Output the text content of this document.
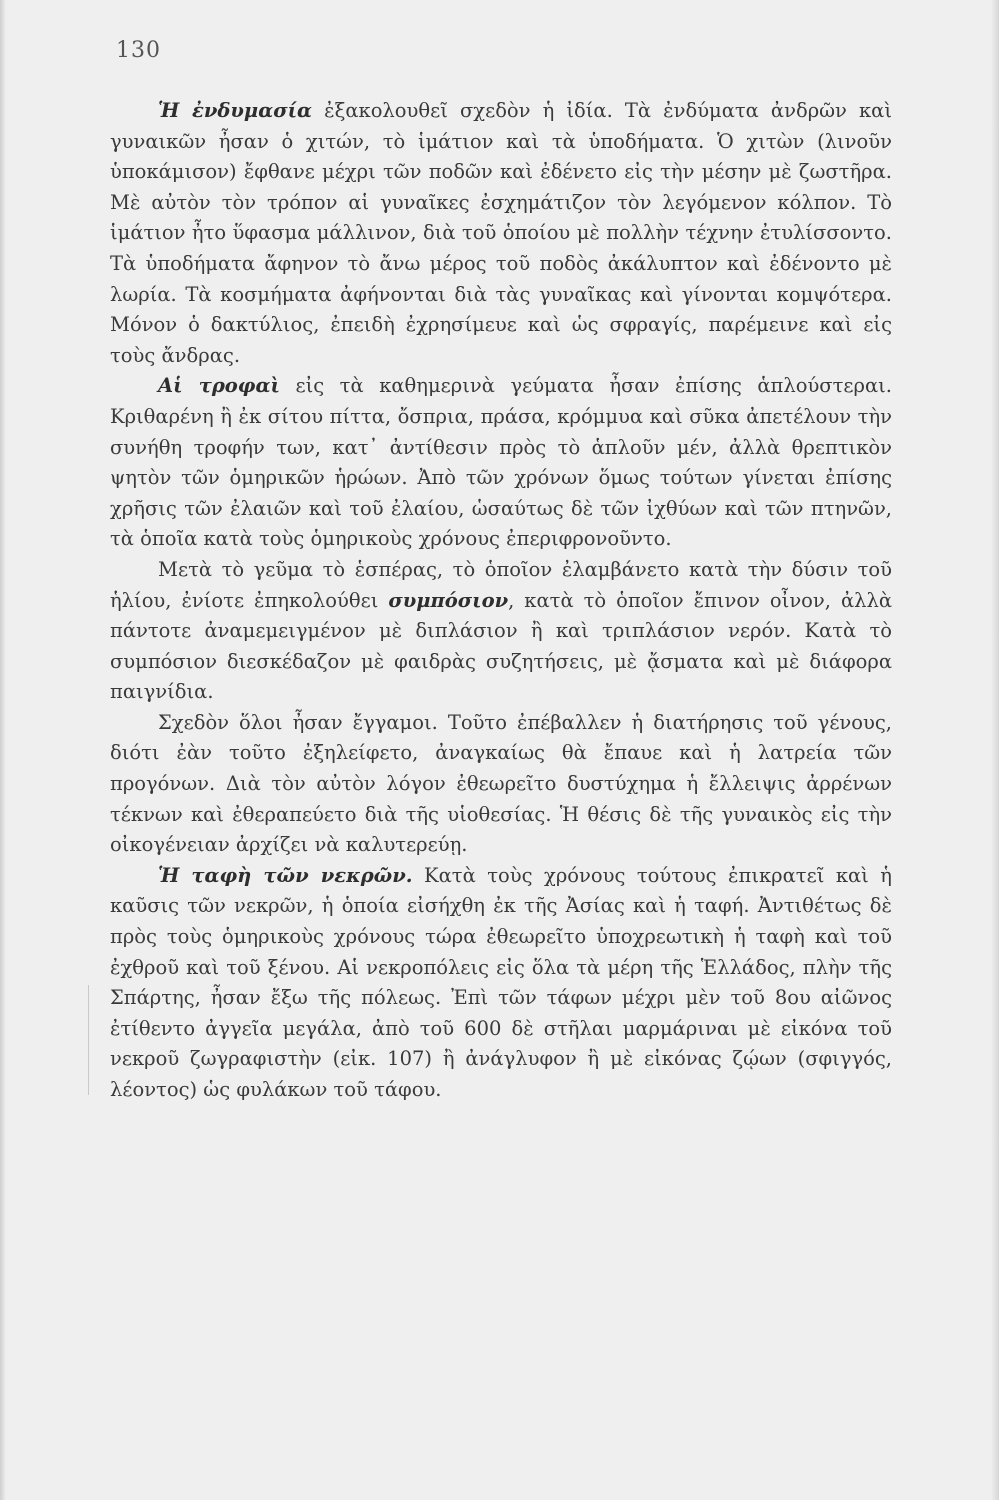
130

Ἡ ἐνδυμασία ἐξακολουθεῖ σχεδὸν ἡ ἰδία. Τὰ ἐνδύματα ἀνδρῶν καὶ γυναικῶν ἦσαν ὁ χιτών, τὸ ἱμάτιον καὶ τὰ ὑποδήματα. Ὁ χιτὼν (λινοῦν ὑποκάμισον) ἔφθανε μέχρι τῶν ποδῶν καὶ ἐδένετο εἰς τὴν μέσην μὲ ζωστῆρα. Μὲ αὐτὸν τὸν τρόπον αἱ γυναῖκες ἐσχημάτιζον τὸν λεγόμενον κόλπον. Τὸ ἱμάτιον ἦτο ὕφασμα μάλλινον, διὰ τοῦ ὁποίου μὲ πολλὴν τέχνην ἐτυλίσσοντο. Τὰ ὑποδήματα ἄφηνον τὸ ἄνω μέρος τοῦ ποδὸς ἀκάλυπτον καὶ ἐδένοντο μὲ λωρία. Τὰ κοσμήματα ἀφήνονται διὰ τὰς γυναῖκας καὶ γίνονται κομψότερα. Μόνον ὁ δακτύλιος, ἐπειδὴ ἐχρησίμευε καὶ ὡς σφραγίς, παρέμεινε καὶ εἰς τοὺς ἄνδρας.

Αἱ τροφαὶ εἰς τὰ καθημερινὰ γεύματα ἦσαν ἐπίσης ἁπλούστεραι. Κριθαρένη ἢ ἐκ σίτου πίττα, ὄσπρια, πράσα, κρόμμυα καὶ σῦκα ἀπετέλουν τὴν συνήθη τροφήν των, κατ᾽ ἀντίθεσιν πρὸς τὸ ἁπλοῦν μέν, ἀλλὰ θρεπτικὸν ψητὸν τῶν ὁμηρικῶν ἡρώων. Ἀπὸ τῶν χρόνων ὅμως τούτων γίνεται ἐπίσης χρῆσις τῶν ἐλαιῶν καὶ τοῦ ἐλαίου, ὡσαύτως δὲ τῶν ἰχθύων καὶ τῶν πτηνῶν, τὰ ὁποῖα κατὰ τοὺς ὁμηρικοὺς χρόνους ἐπεριφρονοῦντο.

Μετὰ τὸ γεῦμα τὸ ἑσπέρας, τὸ ὁποῖον ἐλαμβάνετο κατὰ τὴν δύσιν τοῦ ἡλίου, ἐνίοτε ἐπηκολούθει συμπόσιον, κατὰ τὸ ὁποῖον ἔπινον οἶνον, ἀλλὰ πάντοτε ἀναμεμειγμένον μὲ διπλάσιον ἢ καὶ τριπλάσιον νερόν. Κατὰ τὸ συμπόσιον διεσκέδαζον μὲ φαιδρὰς συζητήσεις, μὲ ᾄσματα καὶ μὲ διάφορα παιγνίδια.

Σχεδὸν ὅλοι ἦσαν ἔγγαμοι. Τοῦτο ἐπέβαλλεν ἡ διατήρησις τοῦ γένους, διότι ἐὰν τοῦτο ἐξηλείφετο, ἀναγκαίως θὰ ἔπαυε καὶ ἡ λατρεία τῶν προγόνων. Διὰ τὸν αὐτὸν λόγον ἐθεωρεῖτο δυστύχημα ἡ ἔλλειψις ἀρρένων τέκνων καὶ ἐθεραπεύετο διὰ τῆς υἱοθεσίας. Ἡ θέσις δὲ τῆς γυναικὸς εἰς τὴν οἰκογένειαν ἀρχίζει νὰ καλυτερεύῃ.

Ἡ ταφὴ τῶν νεκρῶν. Κατὰ τοὺς χρόνους τούτους ἐπικρατεῖ καὶ ἡ καῦσις τῶν νεκρῶν, ἡ ὁποία εἰσήχθη ἐκ τῆς Ἀσίας καὶ ἡ ταφή. Ἀντιθέτως δὲ πρὸς τοὺς ὁμηρικοὺς χρόνους τώρα ἐθεωρεῖτο ὑποχρεωτικὴ ἡ ταφὴ καὶ τοῦ ἐχθροῦ καὶ τοῦ ξένου. Αἱ νεκροπόλεις εἰς ὅλα τὰ μέρη τῆς Ἑλλάδος, πλὴν τῆς Σπάρτης, ἦσαν ἔξω τῆς πόλεως. Ἐπὶ τῶν τάφων μέχρι μὲν τοῦ 8ου αἰῶνος ἐτίθεντο ἀγγεῖα μεγάλα, ἀπὸ τοῦ 600 δὲ στῆλαι μαρμάριναι μὲ εἰκόνα τοῦ νεκροῦ ζωγραφιστὴν (εἰκ. 107) ἢ ἀνάγλυφον ἢ μὲ εἰκόνας ζῴων (σφιγγός, λέοντος) ὡς φυλάκων τοῦ τάφου.
